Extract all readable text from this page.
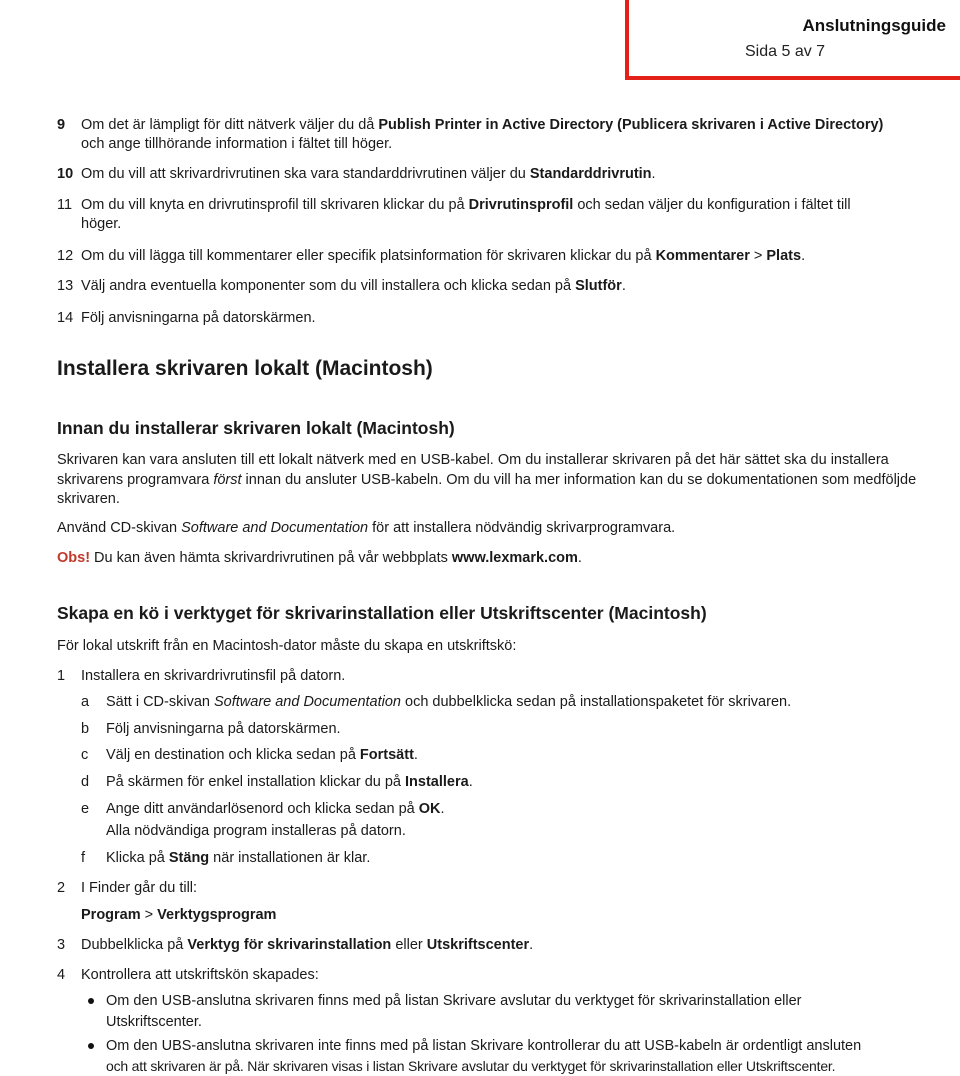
Anslutningsguide
Sida 5 av 7
9 Om det är lämpligt för ditt nätverk väljer du då Publish Printer in Active Directory (Publicera skrivaren i Active Directory)
och ange tillhörande information i fältet till höger.
10 Om du vill att skrivardrivrutinen ska vara standarddrivrutinen väljer du Standarddrivrutin.
11 Om du vill knyta en drivrutinsprofil till skrivaren klickar du på Drivrutinsprofil och sedan väljer du konfiguration i fältet till
höger.
12 Om du vill lägga till kommentarer eller specifik platsinformation för skrivaren klickar du på Kommentarer > Plats.
13 Välj andra eventuella komponenter som du vill installera och klicka sedan på Slutför.
14 Följ anvisningarna på datorskärmen.
Installera skrivaren lokalt (Macintosh)
Innan du installerar skrivaren lokalt (Macintosh)
Skrivaren kan vara ansluten till ett lokalt nätverk med en USB-kabel. Om du installerar skrivaren på det här sättet ska du installera skrivarens programvara först innan du ansluter USB-kabeln. Om du vill ha mer information kan du se dokumentationen som medföljde skrivaren.
Använd CD-skivan Software and Documentation för att installera nödvändig skrivarprogramvara.
Obs! Du kan även hämta skrivardrivrutinen på vår webbplats www.lexmark.com.
Skapa en kö i verktyget för skrivarinstallation eller Utskriftscenter (Macintosh)
För lokal utskrift från en Macintosh-dator måste du skapa en utskriftskö:
1 Installera en skrivardrivrutinsfil på datorn.
a Sätt i CD-skivan Software and Documentation och dubbelklicka sedan på installationspaketet för skrivaren.
b Följ anvisningarna på datorskärmen.
c Välj en destination och klicka sedan på Fortsätt.
d På skärmen för enkel installation klickar du på Installera.
e Ange ditt användarlösenord och klicka sedan på OK.
Alla nödvändiga program installeras på datorn.
f Klicka på Stäng när installationen är klar.
2 I Finder går du till:
Program > Verktygsprogram
3 Dubbelklicka på Verktyg för skrivarinstallation eller Utskriftscenter.
4 Kontrollera att utskriftskön skapades:
Om den USB-anslutna skrivaren finns med på listan Skrivare avslutar du verktyget för skrivarinstallation eller
Utskriftscenter.
Om den UBS-anslutna skrivaren inte finns med på listan Skrivare kontrollerar du att USB-kabeln är ordentligt ansluten
och att skrivaren är på. När skrivaren visas i listan Skrivare avslutar du verktyget för skrivarinstallation eller Utskriftscenter.
